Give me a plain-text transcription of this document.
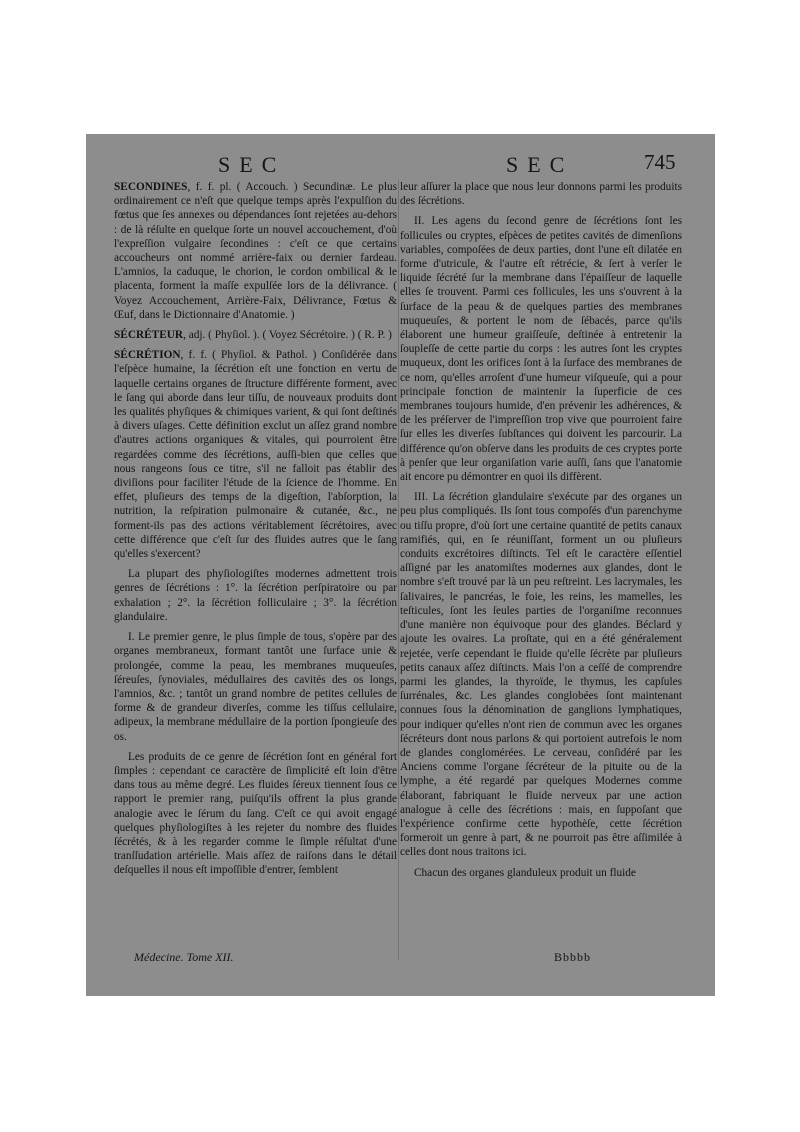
SEC	SEC	745

SECONDINES, f. f. pl. ( Accouch. ) Secundinæ. Le plus ordinairement ce n'eſt que quelque temps après l'expulſion du fœtus que ſes annexes ou dépendances ſont rejetées au-dehors : de là réſulte en quelque ſorte un nouvel accouchement, d'où l'expreſſion vulgaire ſecondines : c'eſt ce que certains accoucheurs ont nommé arrière-faix ou dernier fardeau. L'amnios, la caduque, le chorion, le cordon ombilical & le placenta, forment la maſſe expulſée lors de la délivrance. ( Voyez Accouchement, Arrière-Faix, Délivrance, Fœtus & Œuf, dans le Dictionnaire d'Anatomie. )

SÉCRÉTEUR, adj. ( Phyſiol. ). ( Voyez Sécrétoire. ) ( R. P. )

SÉCRÉTION, f. f. ( Phyſiol. & Pathol. ) Conſidérée dans l'eſpèce humaine, la ſécrétion eſt une fonction en vertu de laquelle certains organes de ſtructure différente forment, avec le ſang qui aborde dans leur tiſſu, de nouveaux produits dont les qualités phyſiques & chimiques varient, & qui ſont deſtinés à divers uſages. Cette définition exclut un aſſez grand nombre d'autres actions organiques & vitales, qui pourroient être regardées comme des ſécrétions, auſſi-bien que celles que nous rangeons ſous ce titre, s'il ne falloit pas établir des diviſions pour faciliter l'étude de la ſcience de l'homme. En effet, pluſieurs des temps de la digeſtion, l'abſorption, la nutrition, la reſpiration pulmonaire & cutanée, &c., ne forment-ils pas des actions véritablement ſécrétoires, avec cette différence que c'eſt ſur des fluides autres que le ſang qu'elles s'exercent?

La plupart des phyſiologiſtes modernes admettent trois genres de ſécrétions : 1°. la ſécrétion perſpiratoire ou par exhalation ; 2°. la ſécrétion folliculaire ; 3°. la ſécrétion glandulaire.

I. Le premier genre, le plus ſimple de tous, s'opère par des organes membraneux, formant tantôt une ſurface unie & prolongée, comme la peau, les membranes muqueuſes, ſéreuſes, ſynoviales, médullaires des cavités des os longs, l'amnios, &c. ; tantôt un grand nombre de petites cellules de forme & de grandeur diverſes, comme les tiſſus cellulaire, adipeux, la membrane médullaire de la portion ſpongieuſe des os.

Les produits de ce genre de ſécrétion ſont en général fort ſimples : cependant ce caractère de ſimplicité eſt loin d'être dans tous au même degré. Les fluides ſéreux tiennent ſous ce rapport le premier rang, puiſqu'ils offrent la plus grande analogie avec le ſérum du ſang. C'eſt ce qui avoit engagé quelques phyſiologiſtes à les rejeter du nombre des fluides ſécrétés, & à les regarder comme le ſimple réſultat d'une tranſſudation artérielle. Mais aſſez de raiſons dans le détail deſquelles il nous eſt impoſſible d'entrer, ſemblent

leur aſſurer la place que nous leur donnons parmi les produits des ſécrétions.

II. Les agens du ſecond genre de ſécrétions ſont les follicules ou cryptes, eſpèces de petites cavités de dimenſions variables, compoſées de deux parties, dont l'une eſt dilatée en forme d'utricule, & l'autre eſt rétrécie, & ſert à verſer le liquide ſécrété ſur la membrane dans l'épaiſſeur de laquelle elles ſe trouvent. Parmi ces follicules, les uns s'ouvrent à la ſurface de la peau & de quelques parties des membranes muqueuſes, & portent le nom de ſébacés, parce qu'ils élaborent une humeur graiſſeuſe, deſtinée à entretenir la ſoupleſſe de cette partie du corps : les autres ſont les cryptes muqueux, dont les orifices ſont à la ſurface des membranes de ce nom, qu'elles arroſent d'une humeur viſqueuſe, qui a pour principale fonction de maintenir la ſuperficie de ces membranes toujours humide, d'en prévenir les adhérences, & de les préſerver de l'impreſſion trop vive que pourroient faire ſur elles les diverſes ſubſtances qui doivent les parcourir. La différence qu'on obſerve dans les produits de ces cryptes porte à penſer que leur organiſation varie auſſi, ſans que l'anatomie ait encore pu démontrer en quoi ils diffèrent.

III. La ſécrétion glandulaire s'exécute par des organes un peu plus compliqués. Ils ſont tous compoſés d'un parenchyme ou tiſſu propre, d'où ſort une certaine quantité de petits canaux ramifiés, qui, en ſe réuniſſant, forment un ou pluſieurs conduits excrétoires diſtincts. Tel eſt le caractère eſſentiel aſſigné par les anatomiſtes modernes aux glandes, dont le nombre s'eſt trouvé par là un peu reſtreint. Les lacrymales, les ſalivaires, le pancréas, le foie, les reins, les mamelles, les teſticules, ſont les ſeules parties de l'organiſme reconnues d'une manière non équivoque pour des glandes. Béclard y ajoute les ovaires. La proſtate, qui en a été généralement rejetée, verſe cependant le fluide qu'elle ſécrète par pluſieurs petits canaux aſſez diſtincts. Mais l'on a ceſſé de comprendre parmi les glandes, la thyroïde, le thymus, les capſules ſurrénales, &c. Les glandes conglobées ſont maintenant connues ſous la dénomination de ganglions lymphatiques, pour indiquer qu'elles n'ont rien de commun avec les organes ſécréteurs dont nous parlons & qui portoient autrefois le nom de glandes conglomérées. Le cerveau, conſidéré par les Anciens comme l'organe ſécréteur de la pituite ou de la lymphe, a été regardé par quelques Modernes comme élaborant, fabriquant le fluide nerveux par une action analogue à celle des ſécrétions : mais, en ſuppoſant que l'expérience confirme cette hypothèſe, cette ſécrétion formeroit un genre à part, & ne pourroit pas être aſſimilée à celles dont nous traitons ici.

Chacun des organes glanduleux produit un fluide

Médecine. Tome XII.	Bbbbb
